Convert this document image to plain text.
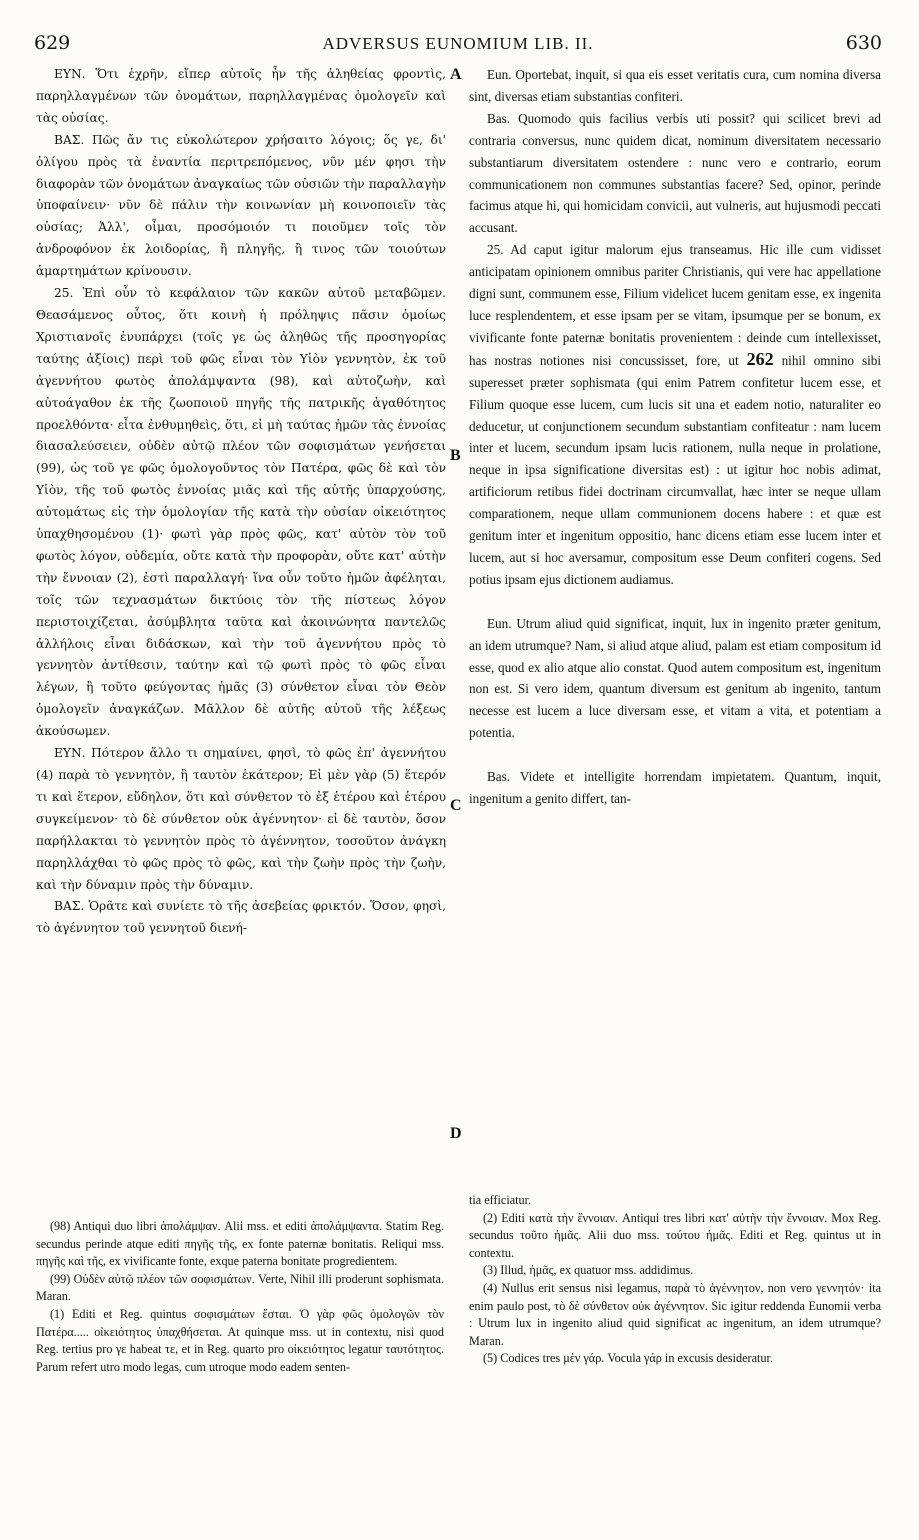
629	ADVERSUS EUNOMIUM LIB. II.	630

ΕΥΝ. Ὅτι ἐχρῆν, εἴπερ αὐτοῖς ἦν τῆς ἀληθείας φροντὶς, παρηλλαγμένων τῶν ὀνομάτων, παρηλλαγμένας ὁμολογεῖν καὶ τὰς οὐσίας.

ΒΑΣ. Πῶς ἄν τις εὐκολώτερον χρήσαιτο λόγοις; ὅς γε, δι' ὀλίγου πρὸς τὰ ἐναντία περιτρεπόμενος, νῦν μέν φησι τὴν διαφορὰν τῶν ὀνομάτων ἀναγκαίως τῶν οὐσιῶν τὴν παραλλαγὴν ὑποφαίνειν· νῦν δὲ πάλιν τὴν κοινωνίαν μὴ κοινοποιεῖν τὰς οὐσίας; Ἀλλ', οἶμαι, προσόμοιόν τι ποιοῦμεν τοῖς τὸν ἀνδροφόνον ἐκ λοιδορίας, ἢ πληγῆς, ἢ τινος τῶν τοιούτων ἁμαρτημάτων κρίνουσιν.

25. Ἐπὶ οὖν τὸ κεφάλαιον τῶν κακῶν αὐτοῦ μεταβῶμεν. Θεασάμενος οὗτος, ὅτι κοινὴ ἡ πρόληψις πᾶσιν ὁμοίως Χριστιανοῖς ἐνυπάρχει (τοῖς γε ὡς ἀληθῶς τῆς προσηγορίας ταύτης ἀξίοις) περὶ τοῦ φῶς εἶναι τὸν Υἱὸν γεννητὸν, ἐκ τοῦ ἀγεννήτου φωτὸς ἀπολάμψαντα (98), καὶ αὐτοζωὴν, καὶ αὐτοάγαθον ἐκ τῆς ζωοποιοῦ πηγῆς τῆς πατρικῆς ἀγαθότητος προελθόντα· εἶτα ἐνθυμηθεὶς, ὅτι, εἰ μὴ ταύτας ἡμῶν τὰς ἐννοίας διασαλεύσειεν, οὐδὲν αὐτῷ πλέον τῶν σοφισμάτων γενήσεται (99), ὡς τοῦ γε φῶς ὁμολογοῦντος τὸν Πατέρα, φῶς δὲ καὶ τὸν Υἱὸν, τῆς τοῦ φωτὸς ἐννοίας μιᾶς καὶ τῆς αὐτῆς ὑπαρχούσης, αὐτομάτως εἰς τὴν ὁμολογίαν τῆς κατὰ τὴν οὐσίαν οἰκειότητος ὑπαχθησομένου (1)· φωτὶ γὰρ πρὸς φῶς, κατ' αὐτὸν τὸν τοῦ φωτὸς λόγον, οὐδεμία, οὔτε κατὰ τὴν προφορὰν, οὔτε κατ' αὐτὴν τὴν ἔννοιαν (2), ἐστὶ παραλλαγή· ἵνα οὖν τοῦτο ἡμῶν ἀφέληται, τοῖς τῶν τεχνασμάτων δικτύοις τὸν τῆς πίστεως λόγον περιστοιχίζεται, ἀσύμβλητα ταῦτα καὶ ἀκοινώνητα παντελῶς ἀλλήλοις εἶναι διδάσκων, καὶ τὴν τοῦ ἀγεννήτου πρὸς τὸ γεννητὸν ἀντίθεσιν, ταύτην καὶ τῷ φωτὶ πρὸς τὸ φῶς εἶναι λέγων, ἢ τοῦτο φεύγοντας ἡμᾶς (3) σύνθετον εἶναι τὸν Θεὸν ὁμολογεῖν ἀναγκάζων. Μᾶλλον δὲ αὐτῆς αὐτοῦ τῆς λέξεως ἀκούσωμεν.

ΕΥΝ. Πότερον ἄλλο τι σημαίνει, φησὶ, τὸ φῶς ἐπ' ἀγεννήτου (4) παρὰ τὸ γεννητὸν, ἢ ταυτὸν ἑκάτερον; Εἰ μὲν γὰρ (5) ἕτερόν τι καὶ ἕτερον, εὔδηλον, ὅτι καὶ σύνθετον τὸ ἐξ ἑτέρου καὶ ἑτέρου συγκείμενον· τὸ δὲ σύνθετον οὐκ ἀγέννητον· εἰ δὲ ταυτὸν, ὅσον παρήλλακται τὸ γεννητὸν πρὸς τὸ ἀγέννητον, τοσοῦτον ἀνάγκη παρηλλάχθαι τὸ φῶς πρὸς τὸ φῶς, καὶ τὴν ζωὴν πρὸς τὴν ζωὴν, καὶ τὴν δύναμιν πρὸς τὴν δύναμιν.

ΒΑΣ. Ὁρᾶτε καὶ συνίετε τὸ τῆς ἀσεβείας φρικτόν. Ὅσον, φησὶ, τὸ ἀγέννητον τοῦ γεννητοῦ διενή-

A
B
C
D

Eun. Oportebat, inquit, si qua eis esset veritatis cura, cum nomina diversa sint, diversas etiam substantias confiteri.

Bas. Quomodo quis facilius verbis uti possit? qui scilicet brevi ad contraria conversus, nunc quidem dicat, nominum diversitatem necessario substantiarum diversitatem ostendere : nunc vero e contrario, eorum communicationem non communes substantias facere? Sed, opinor, perinde facimus atque hi, qui homicidam convicii, aut vulneris, aut hujusmodi peccati accusant.

25. Ad caput igitur malorum ejus transeamus. Hic ille cum vidisset anticipatam opinionem omnibus pariter Christianis, qui vere hac appellatione digni sunt, communem esse, Filium videlicet lucem genitam esse, ex ingenita luce resplendentem, et esse ipsam per se vitam, ipsumque per se bonum, ex vivificante fonte paternæ bonitatis provenientem : deinde cum intellexisset, has nostras notiones nisi concussisset, fore, ut 262 nihil omnino sibi superesset præter sophismata (qui enim Patrem confitetur lucem esse, et Filium quoque esse lucem, cum lucis sit una et eadem notio, naturaliter eo deducetur, ut conjunctionem secundum substantiam confiteatur : nam lucem inter et lucem, secundum ipsam lucis rationem, nulla neque in prolatione, neque in ipsa significatione diversitas est) : ut igitur hoc nobis adimat, artificiorum retibus fidei doctrinam circumvallat, hæc inter se neque ullam comparationem, neque ullam communionem docens habere : et quæ est genitum inter et ingenitum oppositio, hanc dicens etiam esse lucem inter et lucem, aut si hoc aversamur, compositum esse Deum confiteri cogens. Sed potius ipsam ejus dictionem audiamus.

Eun. Utrum aliud quid significat, inquit, lux in ingenito præter genitum, an idem utrumque? Nam, si aliud atque aliud, palam est etiam compositum id esse, quod ex alio atque alio constat. Quod autem compositum est, ingenitum non est. Si vero idem, quantum diversum est genitum ab ingenito, tantum necesse est lucem a luce diversam esse, et vitam a vita, et potentiam a potentia.

Bas. Videte et intelligite horrendam impietatem. Quantum, inquit, ingenitum a genito differt, tan-

(98) Antiqui duo libri ἀπολάμψαν. Alii mss. et editi ἀπολάμψαντα. Statim Reg. secundus perinde atque editi πηγῆς τῆς, ex fonte paternæ bonitatis. Reliqui mss. πηγῆς καὶ τῆς, ex vivificante fonte, exque paterna bonitate progredientem.

(99) Οὐδὲν αὐτῷ πλέον τῶν σοφισμάτων. Verte, Nihil illi proderunt sophismata. Maran.

(1) Editi et Reg. quintus σοφισμάτων ἔσται. Ὁ γὰρ φῶς ὁμολογῶν τὸν Πατέρα..... οἰκειότητος ὑπαχθήσεται. At quinque mss. ut in contextu, nisi quod Reg. tertius pro γε habeat τε, et in Reg. quarto pro οἰκειότητος legatur ταυτότητος. Parum refert utro modo legas, cum utroque modo eadem senten-

tia efficiatur.

(2) Editi κατὰ τὴν ἔννοιαν. Antiqui tres libri κατ' αὐτὴν τὴν ἔννοιαν. Mox Reg. secundus τοῦτο ἡμᾶς. Alii duo mss. τούτου ἡμᾶς. Editi et Reg. quintus ut in contextu.

(3) Illud, ἡμᾶς, ex quatuor mss. addidimus.

(4) Nullus erit sensus nisi legamus, παρὰ τὸ ἀγέννητον, non vero γεννητόν· ita enim paulo post, τὸ δὲ σύνθετον οὐκ ἀγέννητον. Sic igitur reddenda Eunomii verba : Utrum lux in ingenito aliud quid significat ac ingenitum, an idem utrumque? Maran.

(5) Codices tres μὲν γάρ. Vocula γάρ in excusis desideratur.
